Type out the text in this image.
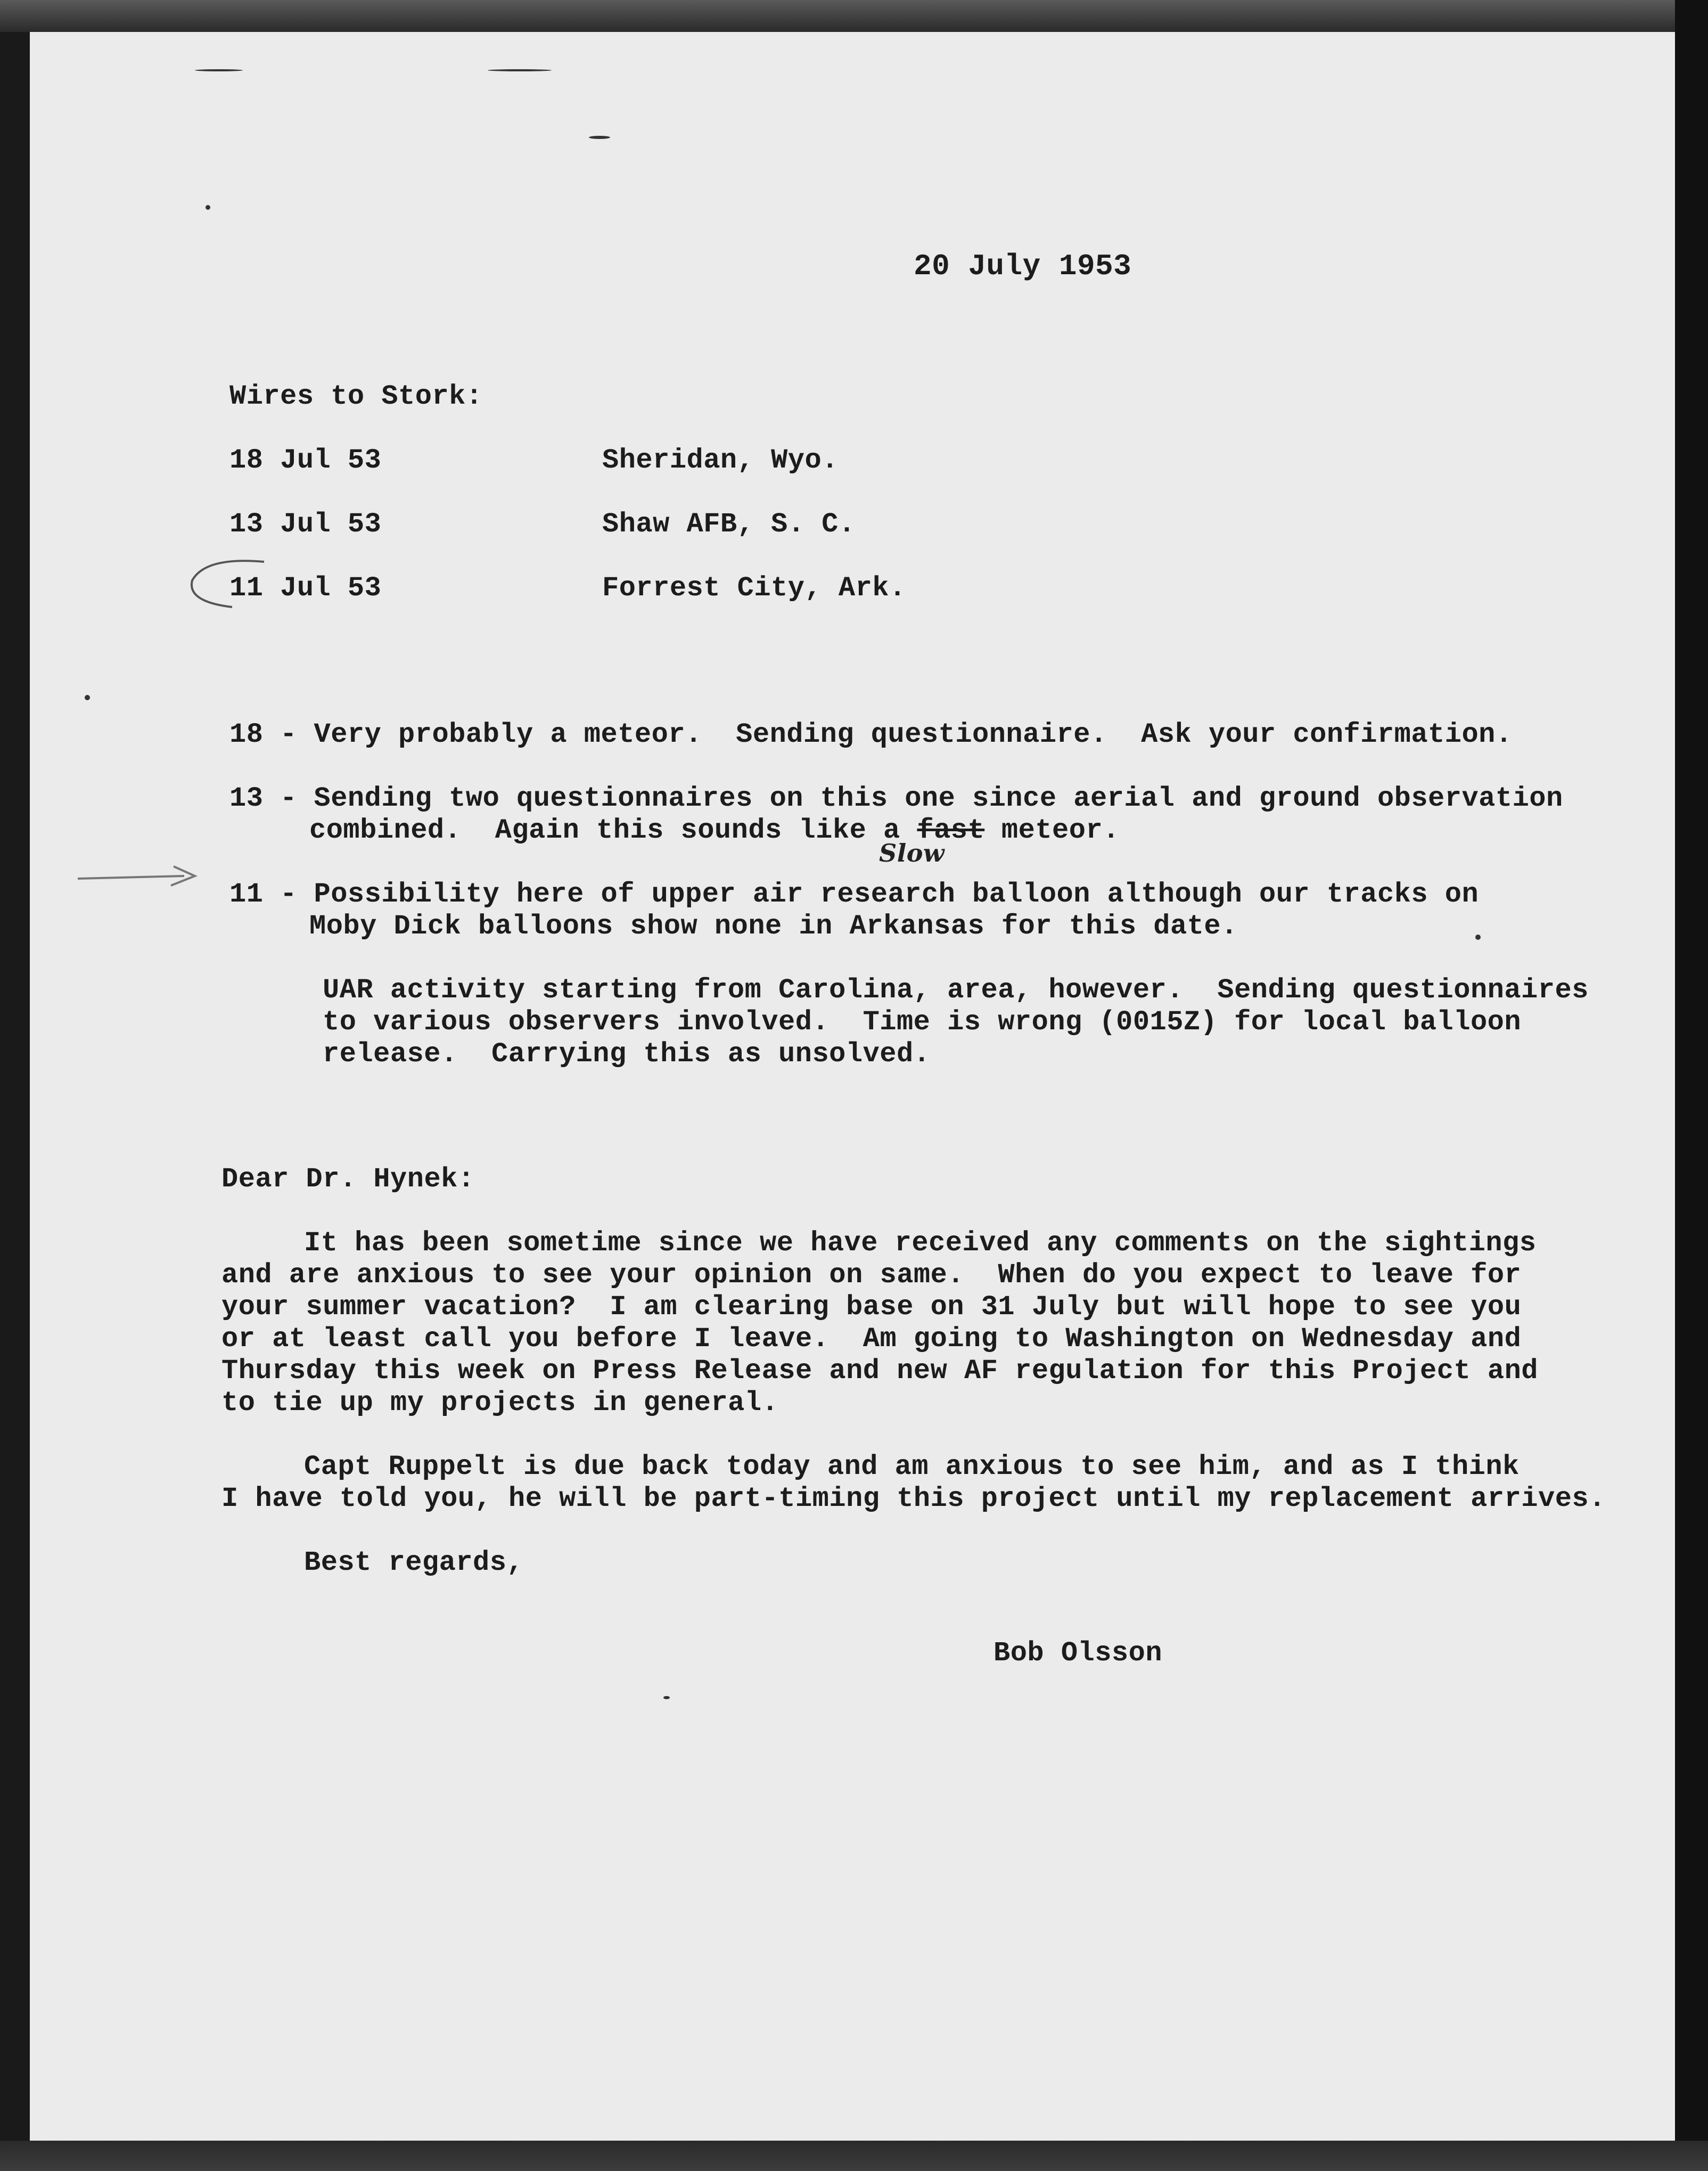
20 July 1953
Wires to Stork:
18 Jul 53	Sheridan, Wyo.
13 Jul 53	Shaw AFB, S. C.
11 Jul 53	Forrest City, Ark.
18 - Very probably a meteor.  Sending questionnaire.  Ask your confirmation.
13 - Sending two questionnaires on this one since aerial and ground observation
combined.  Again this sounds like a fast meteor.
Slow
11 - Possibility here of upper air research balloon although our tracks on
Moby Dick balloons show none in Arkansas for this date.
UAR activity starting from Carolina, area, however.  Sending questionnaires
to various observers involved.  Time is wrong (0015Z) for local balloon
release.  Carrying this as unsolved.
Dear Dr. Hynek:
It has been sometime since we have received any comments on the sightings
and are anxious to see your opinion on same.  When do you expect to leave for
your summer vacation?  I am clearing base on 31 July but will hope to see you
or at least call you before I leave.  Am going to Washington on Wednesday and
Thursday this week on Press Release and new AF regulation for this Project and
to tie up my projects in general.
Capt Ruppelt is due back today and am anxious to see him, and as I think
I have told you, he will be part-timing this project until my replacement arrives.
Best regards,
Bob Olsson
